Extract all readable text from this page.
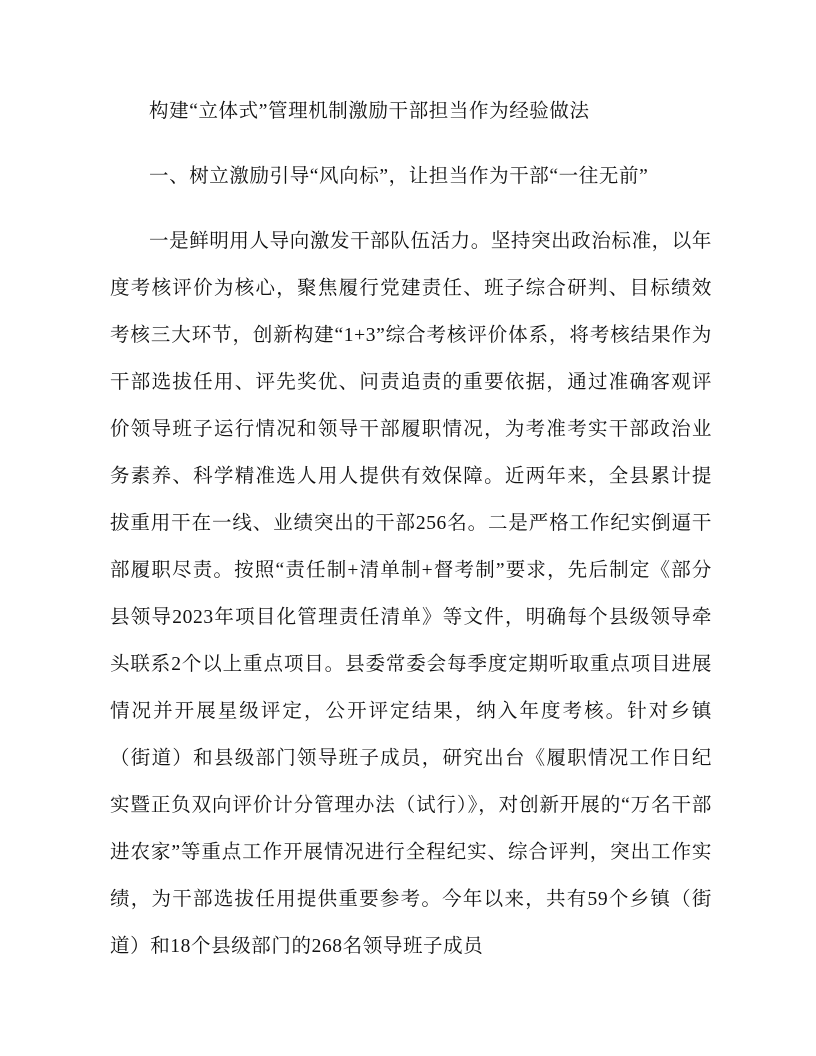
构建“立体式”管理机制激励干部担当作为经验做法

一、树立激励引导“风向标”，让担当作为干部“一往无前”

一是鲜明用人导向激发干部队伍活力。坚持突出政治标准，以年度考核评价为核心，聚焦履行党建责任、班子综合研判、目标绩效考核三大环节，创新构建“1+3”综合考核评价体系，将考核结果作为干部选拔任用、评先奖优、问责追责的重要依据，通过准确客观评价领导班子运行情况和领导干部履职情况，为考准考实干部政治业务素养、科学精准选人用人提供有效保障。近两年来，全县累计提拔重用干在一线、业绩突出的干部256名。二是严格工作纪实倒逼干部履职尽责。按照“责任制+清单制+督考制”要求，先后制定《部分县领导2023年项目化管理责任清单》等文件，明确每个县级领导牵头联系2个以上重点项目。县委常委会每季度定期听取重点项目进展情况并开展星级评定，公开评定结果，纳入年度考核。针对乡镇（街道）和县级部门领导班子成员，研究出台《履职情况工作日纪实暨正负双向评价计分管理办法（试行）》，对创新开展的“万名干部进农家”等重点工作开展情况进行全程纪实、综合评判，突出工作实绩，为干部选拔任用提供重要参考。今年以来，共有59个乡镇（街道）和18个县级部门的268名领导班子成员
